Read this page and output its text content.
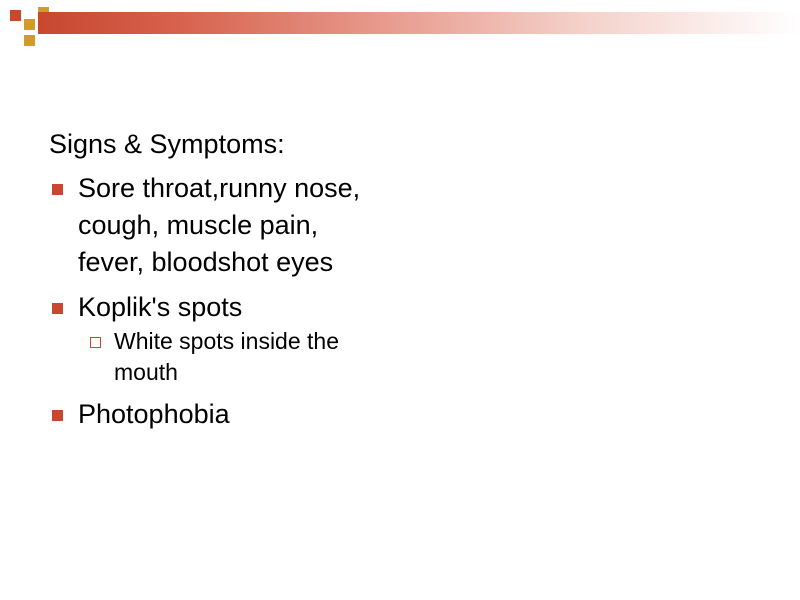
Signs & Symptoms:
Sore throat,runny nose, cough, muscle pain, fever, bloodshot eyes
Koplik's spots
White spots inside the mouth
Photophobia
